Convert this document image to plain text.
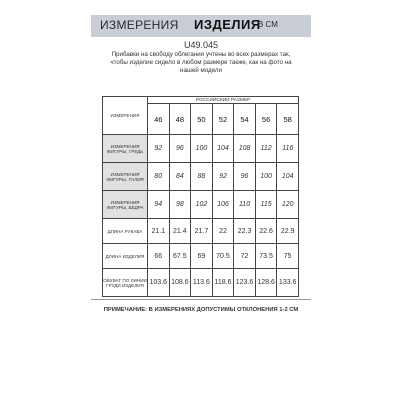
ИЗМЕРЕНИЯ ИЗДЕЛИЯ
В СМ
U49.045
Прибавки на свободу облегания учтены во всех размерах так,
чтобы изделие сидело в любом размере также, как на фото на
нашей модели
ИЗМЕРЕНИЯ	РОССИЙСКИЙ РАЗМЕР						
	46	48	50	52	54	56	58
ИЗМЕРЕНИЯ ФИГУРЫ, ГРУДЬ	92	96	100	104	108	112	116
ИЗМЕРЕНИЯ ФИГУРЫ, ТАЛИЯ	80	84	88	92	96	100	104
ИЗМЕРЕНИЯ ФИГУРЫ, БЕДРА	94	98	102	106	110	115	120
ДЛИНА РУКАВА	21.1	21.4	21.7	22	22.3	22.6	22.9
ДЛИНА ИЗДЕЛИЯ	66	67.5	69	70.5	72	73.5	75
ОБХВАТ ПО ЛИНИИ ГРУДИ ИЗДЕЛИЯ	103.6	108.6	113.6	118.6	123.6	128.6	133.6
ПРИМЕЧАНИЕ: В ИЗМЕРЕНИЯХ ДОПУСТИМЫ ОТКЛОНЕНИЯ 1-2 СМ
